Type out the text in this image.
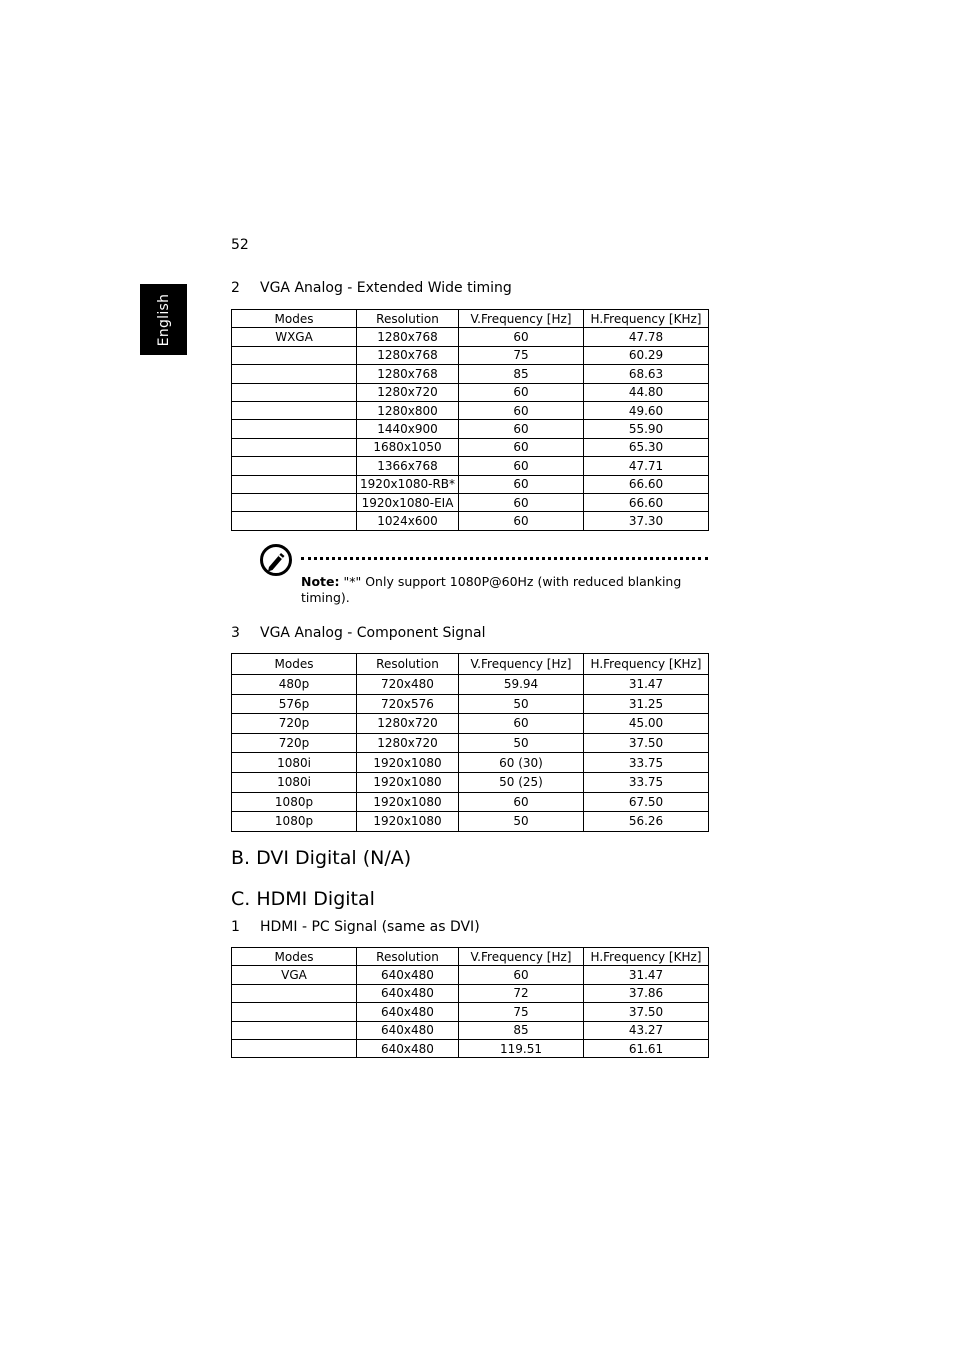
52
English
2 VGA Analog - Extended Wide timing
Modes	Resolution	V.Frequency [Hz]	H.Frequency [KHz]
WXGA	1280x768	60	47.78
	1280x768	75	60.29
	1280x768	85	68.63
	1280x720	60	44.80
	1280x800	60	49.60
	1440x900	60	55.90
	1680x1050	60	65.30
	1366x768	60	47.71
	1920x1080-RB*	60	66.60
	1920x1080-EIA	60	66.60
	1024x600	60	37.30
Note: "*" Only support 1080P@60Hz (with reduced blanking timing).
3 VGA Analog - Component Signal
Modes	Resolution	V.Frequency [Hz]	H.Frequency [KHz]
480p	720x480	59.94	31.47
576p	720x576	50	31.25
720p	1280x720	60	45.00
720p	1280x720	50	37.50
1080i	1920x1080	60 (30)	33.75
1080i	1920x1080	50 (25)	33.75
1080p	1920x1080	60	67.50
1080p	1920x1080	50	56.26
B. DVI Digital (N/A)
C. HDMI Digital
1 HDMI - PC Signal (same as DVI)
Modes	Resolution	V.Frequency [Hz]	H.Frequency [KHz]
VGA	640x480	60	31.47
	640x480	72	37.86
	640x480	75	37.50
	640x480	85	43.27
	640x480	119.51	61.61
